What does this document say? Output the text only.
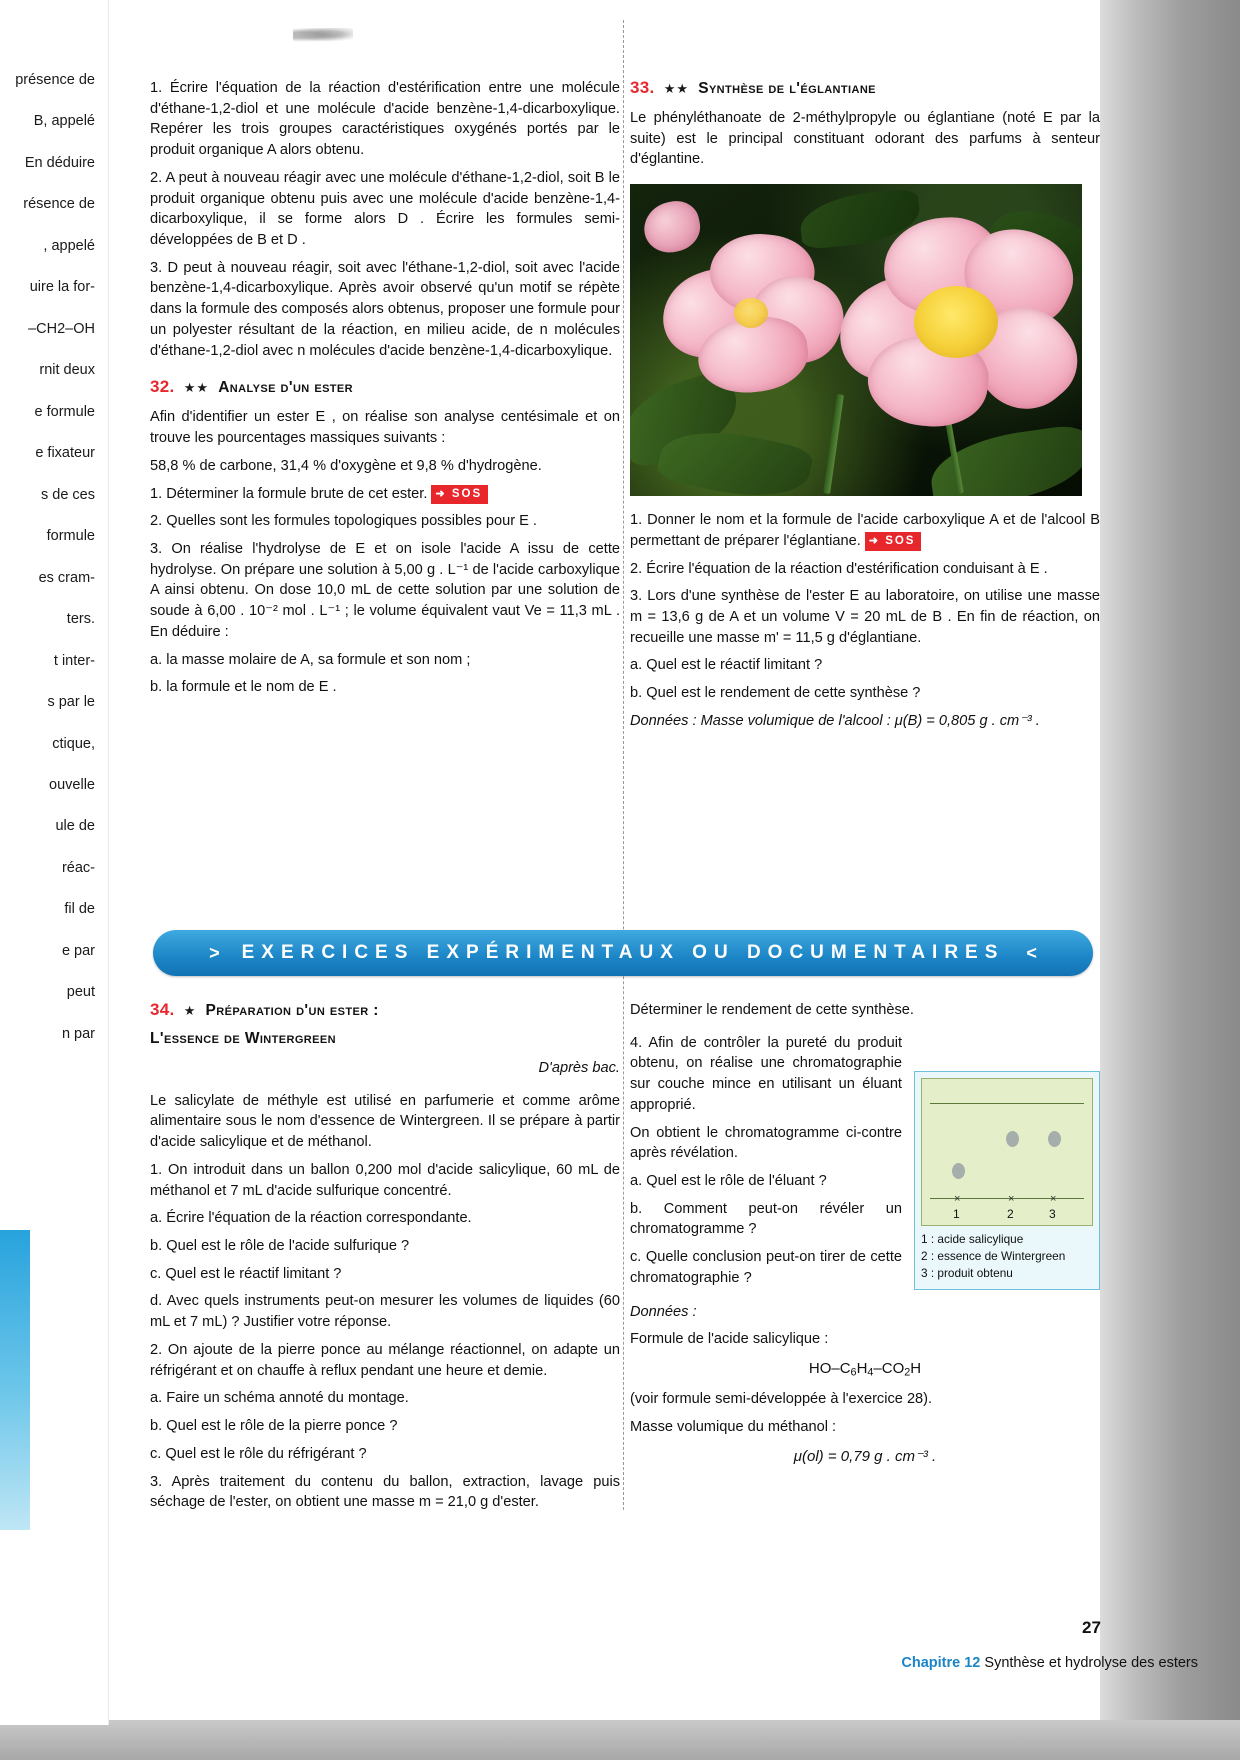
présence de
B, appelé
En déduire
résence de
, appelé
uire la for-
–CH2–OH
rnit deux
e formule
e fixateur
s de ces
formule
es cram-
ters.
t inter-
s par le
ctique,
ouvelle
ule de
réac-
fil de
e par
peut
n par

1. Écrire l'équation de la réaction d'estérification entre une molécule d'éthane-1,2-diol et une molécule d'acide benzène-1,4-dicarboxylique. Repérer les trois groupes caractéristiques oxygénés portés par le produit organique A alors obtenu.

2. A peut à nouveau réagir avec une molécule d'éthane-1,2-diol, soit B le produit organique obtenu puis avec une molécule d'acide benzène-1,4-dicarboxylique, il se forme alors D . Écrire les formules semi-développées de B et D .

3. D peut à nouveau réagir, soit avec l'éthane-1,2-diol, soit avec l'acide benzène-1,4-dicarboxylique. Après avoir observé qu'un motif se répète dans la formule des composés alors obtenus, proposer une formule pour un polyester résultant de la réaction, en milieu acide, de n molécules d'éthane-1,2-diol avec n molécules d'acide benzène-1,4-dicarboxylique.

32. ★★ Analyse d'un ester

Afin d'identifier un ester E , on réalise son analyse centésimale et on trouve les pourcentages massiques suivants :

58,8 % de carbone, 31,4 % d'oxygène et 9,8 % d'hydrogène.

1. Déterminer la formule brute de cet ester. ➜ SOS

2. Quelles sont les formules topologiques possibles pour E .

3. On réalise l'hydrolyse de E et on isole l'acide A issu de cette hydrolyse. On prépare une solution à 5,00 g . L⁻¹ de l'acide carboxylique A ainsi obtenu. On dose 10,0 mL de cette solution par une solution de soude à 6,00 . 10⁻² mol . L⁻¹ ; le volume équivalent vaut Ve = 11,3 mL . En déduire :

a. la masse molaire de A, sa formule et son nom ;

b. la formule et le nom de E .

33. ★★ Synthèse de l'églantiane

Le phényléthanoate de 2-méthylpropyle ou églantiane (noté E par la suite) est le principal constituant odorant des parfums à senteur d'églantine.

1. Donner le nom et la formule de l'acide carboxylique A et de l'alcool B permettant de préparer l'églantiane. ➜ SOS

2. Écrire l'équation de la réaction d'estérification conduisant à E .

3. Lors d'une synthèse de l'ester E au laboratoire, on utilise une masse m = 13,6 g de A et un volume V = 20 mL de B . En fin de réaction, on recueille une masse m' = 11,5 g d'églantiane.

a. Quel est le réactif limitant ?

b. Quel est le rendement de cette synthèse ?

Données : Masse volumique de l'alcool : μ(B) = 0,805 g . cm⁻³ .

> EXERCICES EXPÉRIMENTAUX OU DOCUMENTAIRES <
34. ★ Préparation d'un ester :
L'essence de Wintergreen

D'après bac.

Le salicylate de méthyle est utilisé en parfumerie et comme arôme alimentaire sous le nom d'essence de Wintergreen. Il se prépare à partir d'acide salicylique et de méthanol.

1. On introduit dans un ballon 0,200 mol d'acide salicylique, 60 mL de méthanol et 7 mL d'acide sulfurique concentré.

a. Écrire l'équation de la réaction correspondante.

b. Quel est le rôle de l'acide sulfurique ?

c. Quel est le réactif limitant ?

d. Avec quels instruments peut-on mesurer les volumes de liquides (60 mL et 7 mL) ? Justifier votre réponse.

2. On ajoute de la pierre ponce au mélange réactionnel, on adapte un réfrigérant et on chauffe à reflux pendant une heure et demie.

a. Faire un schéma annoté du montage.

b. Quel est le rôle de la pierre ponce ?

c. Quel est le rôle du réfrigérant ?

3. Après traitement du contenu du ballon, extraction, lavage puis séchage de l'ester, on obtient une masse m = 21,0 g d'ester.

Déterminer le rendement de cette synthèse.

4. Afin de contrôler la pureté du produit obtenu, on réalise une chromatographie sur couche mince en utilisant un éluant approprié.

On obtient le chromatogramme ci-contre après révélation.

a. Quel est le rôle de l'éluant ?

b. Comment peut-on révéler un chromatogramme ?

c. Quelle conclusion peut-on tirer de cette chromatographie ?

×	×	×
1	2	3
1 : acide salicylique
2 : essence de Wintergreen
3 : produit obtenu

Données :

Formule de l'acide salicylique :

$HO-C_6H_4-CO_2H$

(voir formule semi-développée à l'exercice 28).

Masse volumique du méthanol :

μ(ol) = 0,79 g . cm⁻³ .

Chapitre 12 Synthèse et hydrolyse des esters
27
